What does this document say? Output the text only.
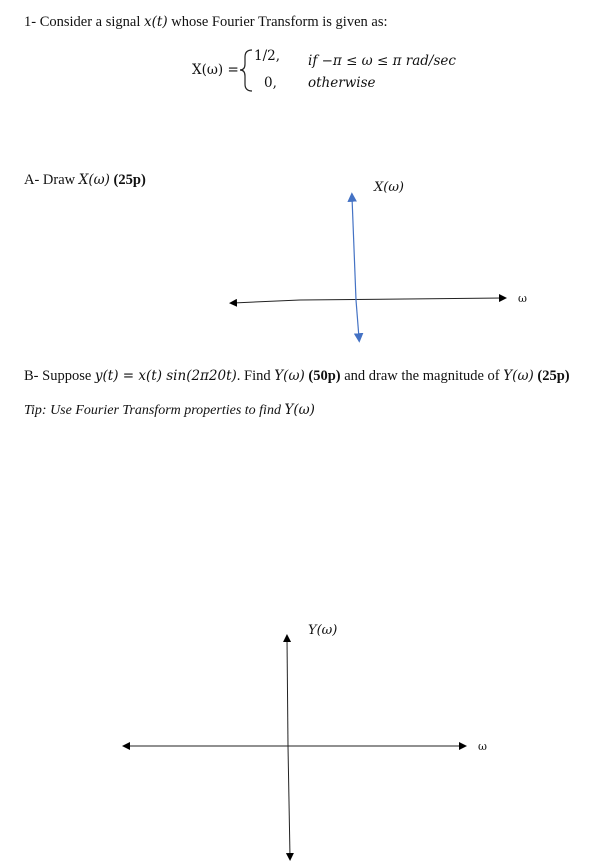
1- Consider a signal x(t) whose Fourier Transform is given as:
X(ω) =
1/2, if −π ≤ ω ≤ π rad/sec
0, otherwise
A- Draw X(ω) (25p)	X(ω)
ω
B- Suppose y(t) = x(t) sin(2π20t). Find Y(ω) (50p) and draw the magnitude of Y(ω) (25p)
Tip: Use Fourier Transform properties to find Y(ω)
Y(ω)
ω
